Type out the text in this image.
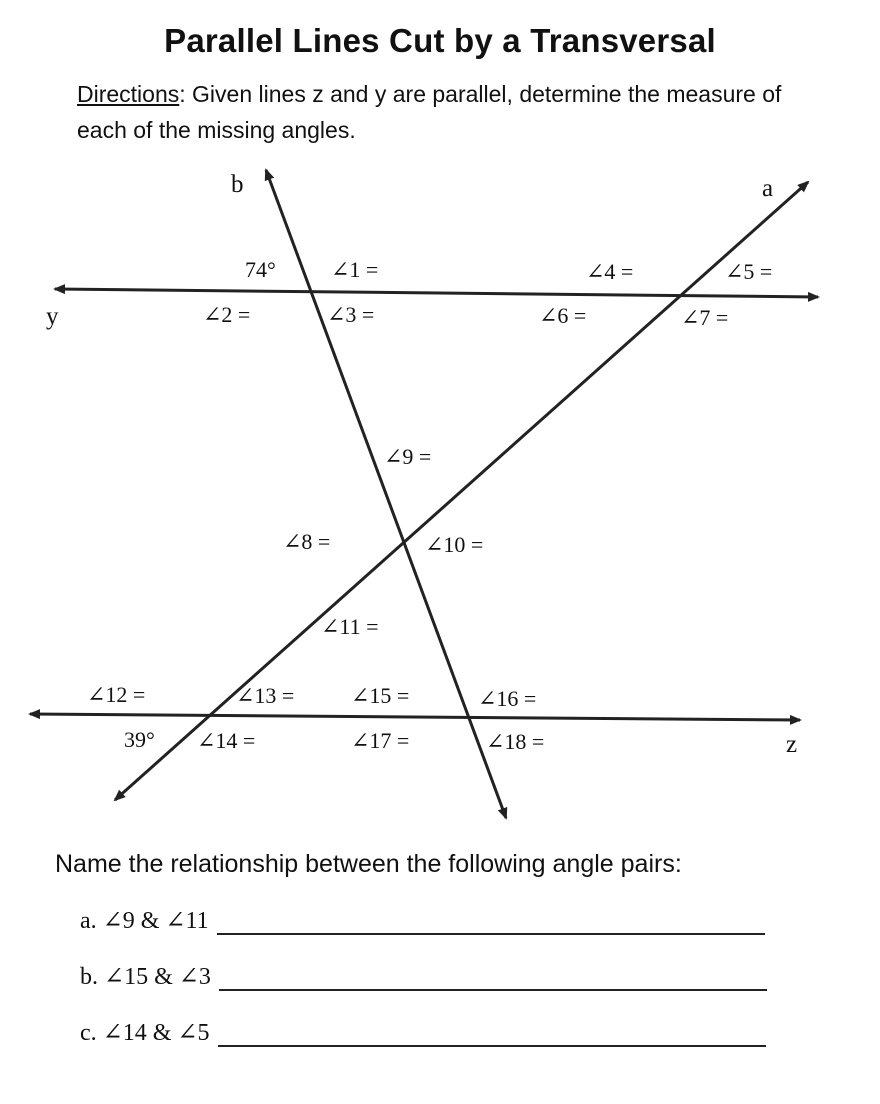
Parallel Lines Cut by a Transversal
Directions: Given lines z and y are parallel, determine the measure of each of the missing angles.
b	a
y
z
74°
39°
∠1 =
∠2 =	∠3 =
∠4 =	∠5 =
∠6 =	∠7 =
∠8 =
∠9 =
∠10 =
∠11 =
∠12 =	∠13 =
∠14 =
∠15 =	∠16 =
∠17 =	∠18 =
Name the relationship between the following angle pairs:
a. ∠9 & ∠11
b. ∠15 & ∠3
c. ∠14 & ∠5
